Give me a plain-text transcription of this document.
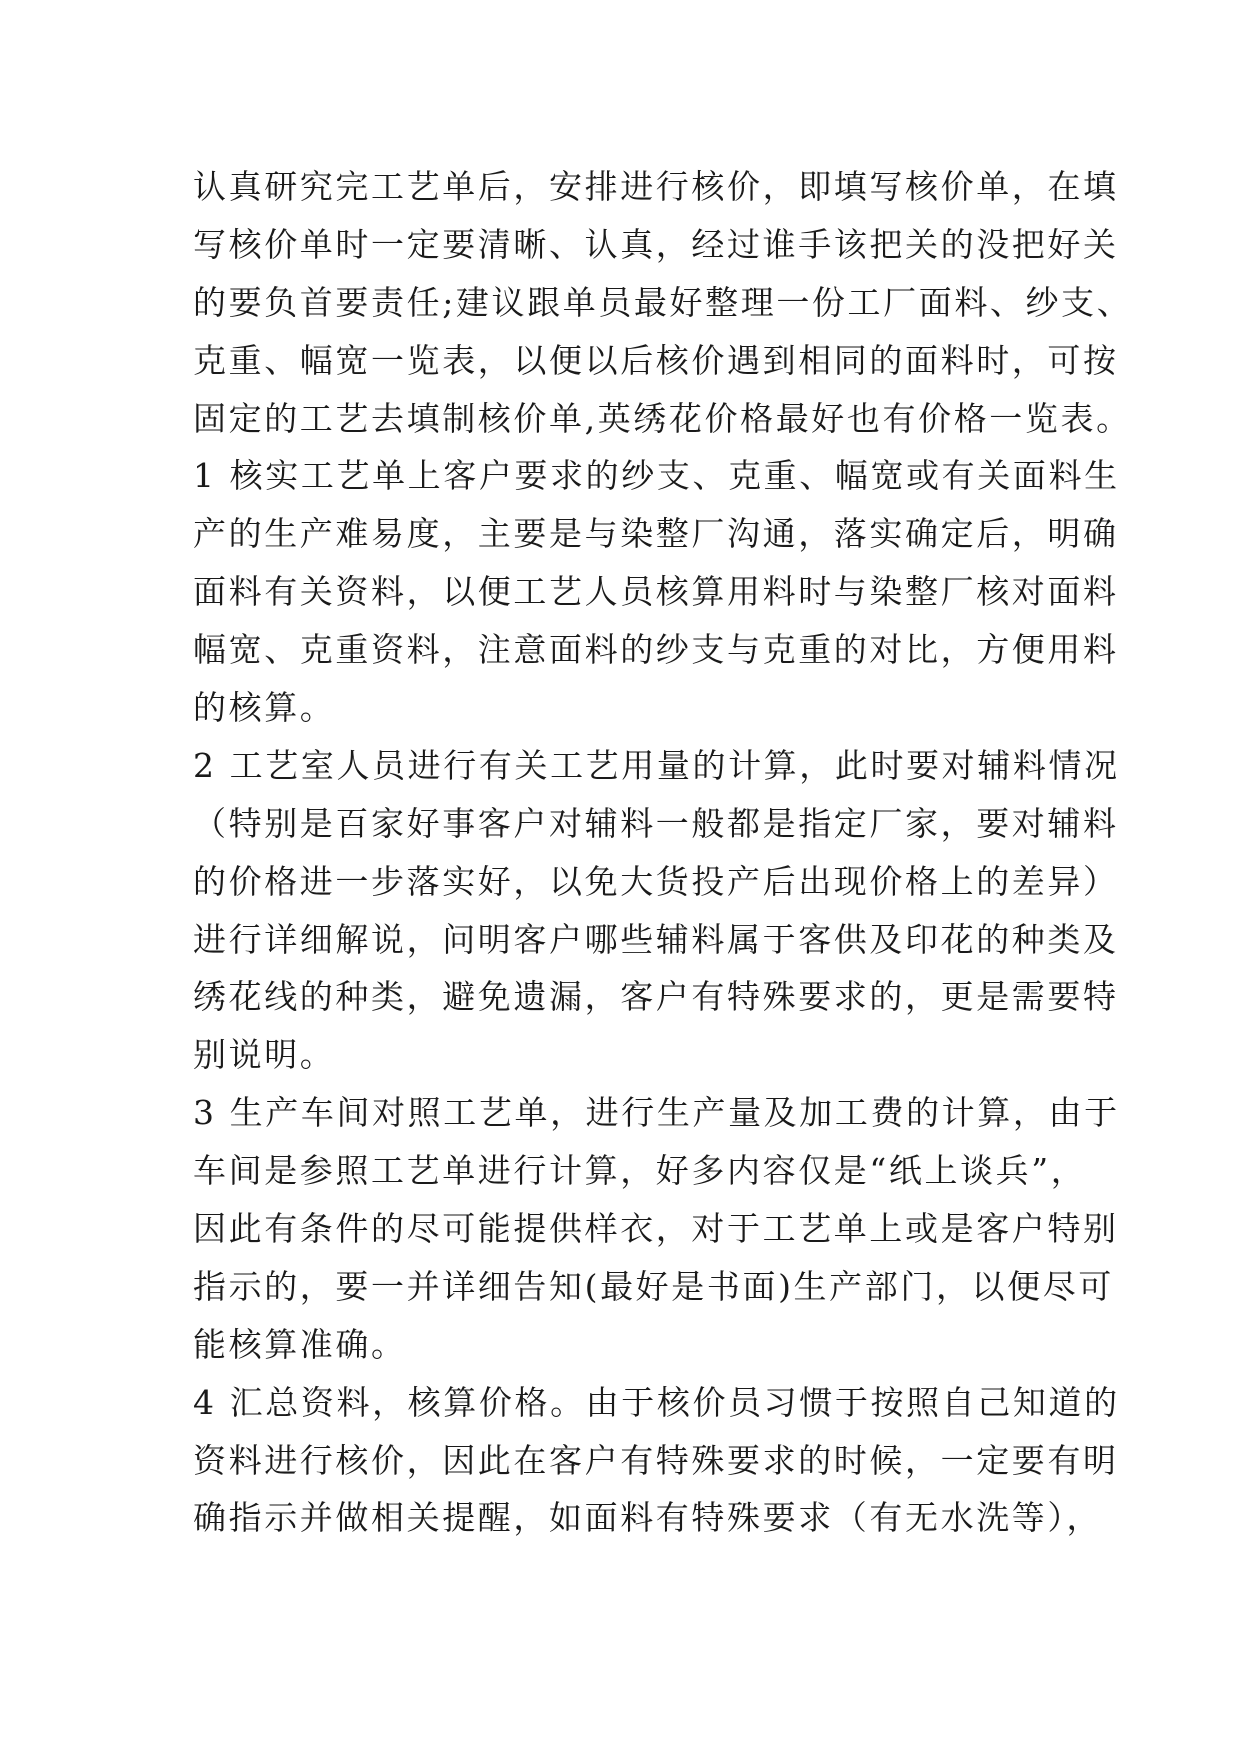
认真研究完工艺单后，安排进行核价，即填写核价单，在填
写核价单时一定要清晰、认真，经过谁手该把关的没把好关
的要负首要责任;建议跟单员最好整理一份工厂面料、纱支、
克重、幅宽一览表，以便以后核价遇到相同的面料时，可按
固定的工艺去填制核价单,英绣花价格最好也有价格一览表。
1 核实工艺单上客户要求的纱支、克重、幅宽或有关面料生
产的生产难易度，主要是与染整厂沟通，落实确定后，明确
面料有关资料，以便工艺人员核算用料时与染整厂核对面料
幅宽、克重资料，注意面料的纱支与克重的对比，方便用料
的核算。
2 工艺室人员进行有关工艺用量的计算，此时要对辅料情况
（特别是百家好事客户对辅料一般都是指定厂家，要对辅料
的价格进一步落实好，以免大货投产后出现价格上的差异）
进行详细解说，问明客户哪些辅料属于客供及印花的种类及
绣花线的种类，避免遗漏，客户有特殊要求的，更是需要特
别说明。
3 生产车间对照工艺单，进行生产量及加工费的计算，由于
车间是参照工艺单进行计算，好多内容仅是“纸上谈兵”，
因此有条件的尽可能提供样衣，对于工艺单上或是客户特别
指示的，要一并详细告知(最好是书面)生产部门，以便尽可
能核算准确。
4 汇总资料，核算价格。由于核价员习惯于按照自己知道的
资料进行核价，因此在客户有特殊要求的时候，一定要有明
确指示并做相关提醒，如面料有特殊要求（有无水洗等），
